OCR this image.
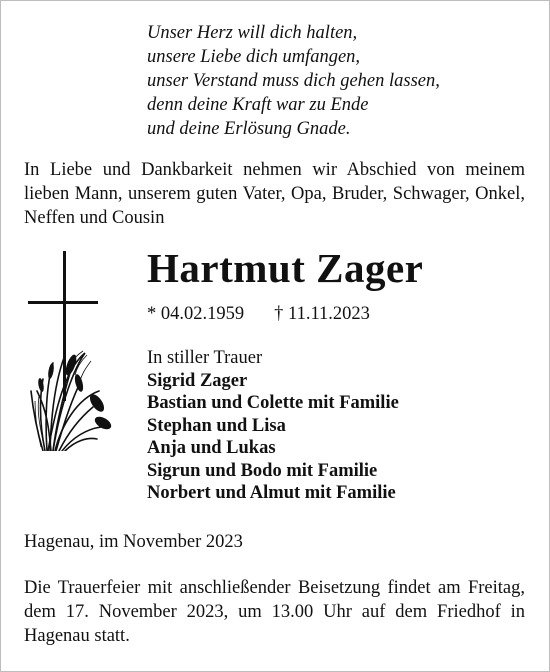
Unser Herz will dich halten,
unsere Liebe dich umfangen,
unser Verstand muss dich gehen lassen,
denn deine Kraft war zu Ende
und deine Erlösung Gnade.
In Liebe und Dankbarkeit nehmen wir Abschied von meinem lieben Mann, unserem guten Vater, Opa, Bruder, Schwager, Onkel, Neffen und Cousin
Hartmut Zager
* 04.02.1959 † 11.11.2023
In stiller Trauer
Sigrid Zager
Bastian und Colette mit Familie
Stephan und Lisa
Anja und Lukas
Sigrun und Bodo mit Familie
Norbert und Almut mit Familie
Hagenau, im November 2023
Die Trauerfeier mit anschließender Beisetzung findet am Freitag, dem 17. November 2023, um 13.00 Uhr auf dem Friedhof in Hagenau statt.
